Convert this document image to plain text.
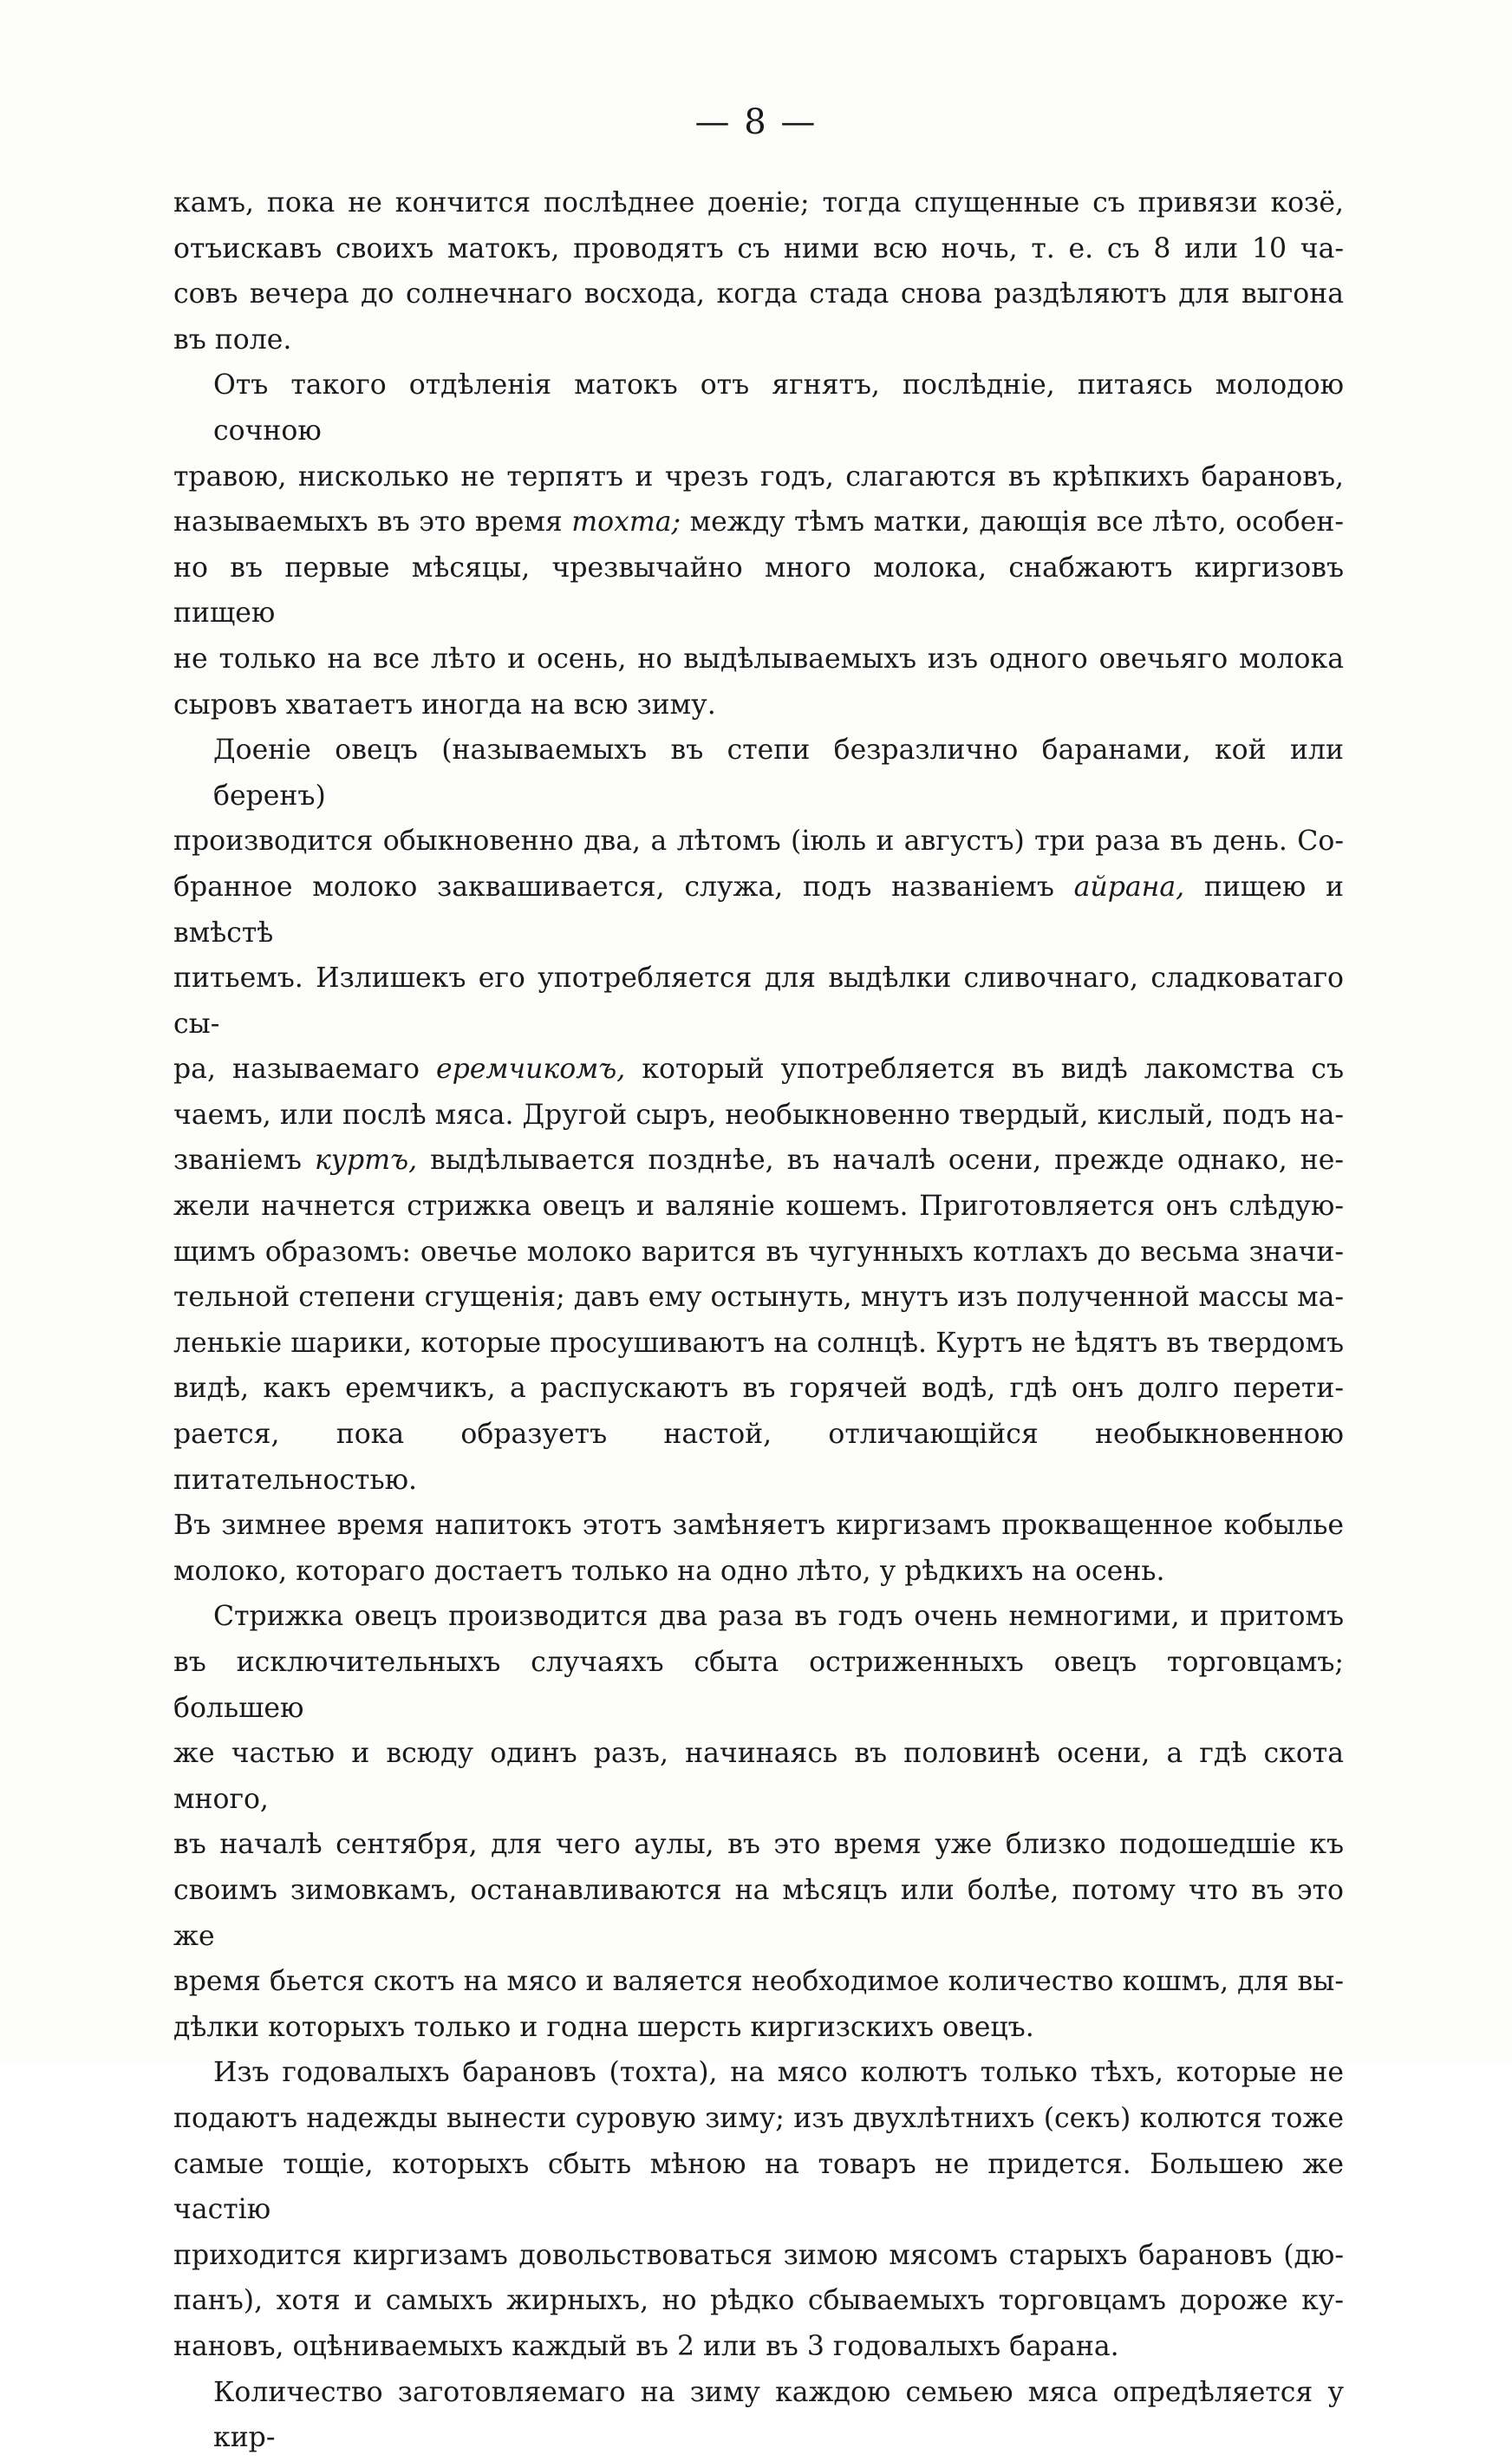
— 8 —
камъ, пока не кончится послѣднее доеніе; тогда спущенные съ привязи козё,
отъискавъ своихъ матокъ, проводятъ съ ними всю ночь, т. е. съ 8 или 10 ча-
совъ вечера до солнечнаго восхода, когда стада снова раздѣляютъ для выгона
въ поле.
Отъ такого отдѣленія матокъ отъ ягнятъ, послѣдніе, питаясь молодою сочною
травою, нисколько не терпятъ и чрезъ годъ, слагаются въ крѣпкихъ барановъ,
называемыхъ въ это время тохта; между тѣмъ матки, дающія все лѣто, особен-
но въ первые мѣсяцы, чрезвычайно много молока, снабжаютъ киргизовъ пищею
не только на все лѣто и осень, но выдѣлываемыхъ изъ одного овечьяго молока
сыровъ хватаетъ иногда на всю зиму.
Доеніе овецъ (называемыхъ въ степи безразлично баранами, кой или беренъ)
производится обыкновенно два, а лѣтомъ (іюль и августъ) три раза въ день. Со-
бранное молоко заквашивается, служа, подъ названіемъ айрана, пищею и вмѣстѣ
питьемъ. Излишекъ его употребляется для выдѣлки сливочнаго, сладковатаго сы-
ра, называемаго еремчикомъ, который употребляется въ видѣ лакомства съ
чаемъ, или послѣ мяса. Другой сыръ, необыкновенно твердый, кислый, подъ на-
званіемъ куртъ, выдѣлывается позднѣе, въ началѣ осени, прежде однако, не-
жели начнется стрижка овецъ и валяніе кошемъ. Приготовляется онъ слѣдую-
щимъ образомъ: овечье молоко варится въ чугунныхъ котлахъ до весьма значи-
тельной степени сгущенія; давъ ему остынуть, мнутъ изъ полученной массы ма-
ленькіе шарики, которые просушиваютъ на солнцѣ. Куртъ не ѣдятъ въ твердомъ
видѣ, какъ еремчикъ, а распускаютъ въ горячей водѣ, гдѣ онъ долго перети-
рается, пока образуетъ настой, отличающійся необыкновенною питательностью.
Въ зимнее время напитокъ этотъ замѣняетъ киргизамъ прокващенное кобылье
молоко, котораго достаетъ только на одно лѣто, у рѣдкихъ на осень.
Стрижка овецъ производится два раза въ годъ очень немногими, и притомъ
въ исключительныхъ случаяхъ сбыта остриженныхъ овецъ торговцамъ; большею
же частью и всюду одинъ разъ, начинаясь въ половинѣ осени, а гдѣ скота много,
въ началѣ сентября, для чего аулы, въ это время уже близко подошедшіе къ
своимъ зимовкамъ, останавливаются на мѣсяцъ или болѣе, потому что въ это же
время бьется скотъ на мясо и валяется необходимое количество кошмъ, для вы-
дѣлки которыхъ только и годна шерсть киргизскихъ овецъ.
Изъ годовалыхъ барановъ (тохта), на мясо колютъ только тѣхъ, которые не
подаютъ надежды вынести суровую зиму; изъ двухлѣтнихъ (секъ) колются тоже
самые тощіе, которыхъ сбыть мѣною на товаръ не придется. Большею же частію
приходится киргизамъ довольствоваться зимою мясомъ старыхъ барановъ (дю-
панъ), хотя и самыхъ жирныхъ, но рѣдко сбываемыхъ торговцамъ дороже ку-
нановъ, оцѣниваемыхъ каждый въ 2 или въ 3 годовалыхъ барана.
Количество заготовляемаго на зиму каждою семьею мяса опредѣляется у кир-
